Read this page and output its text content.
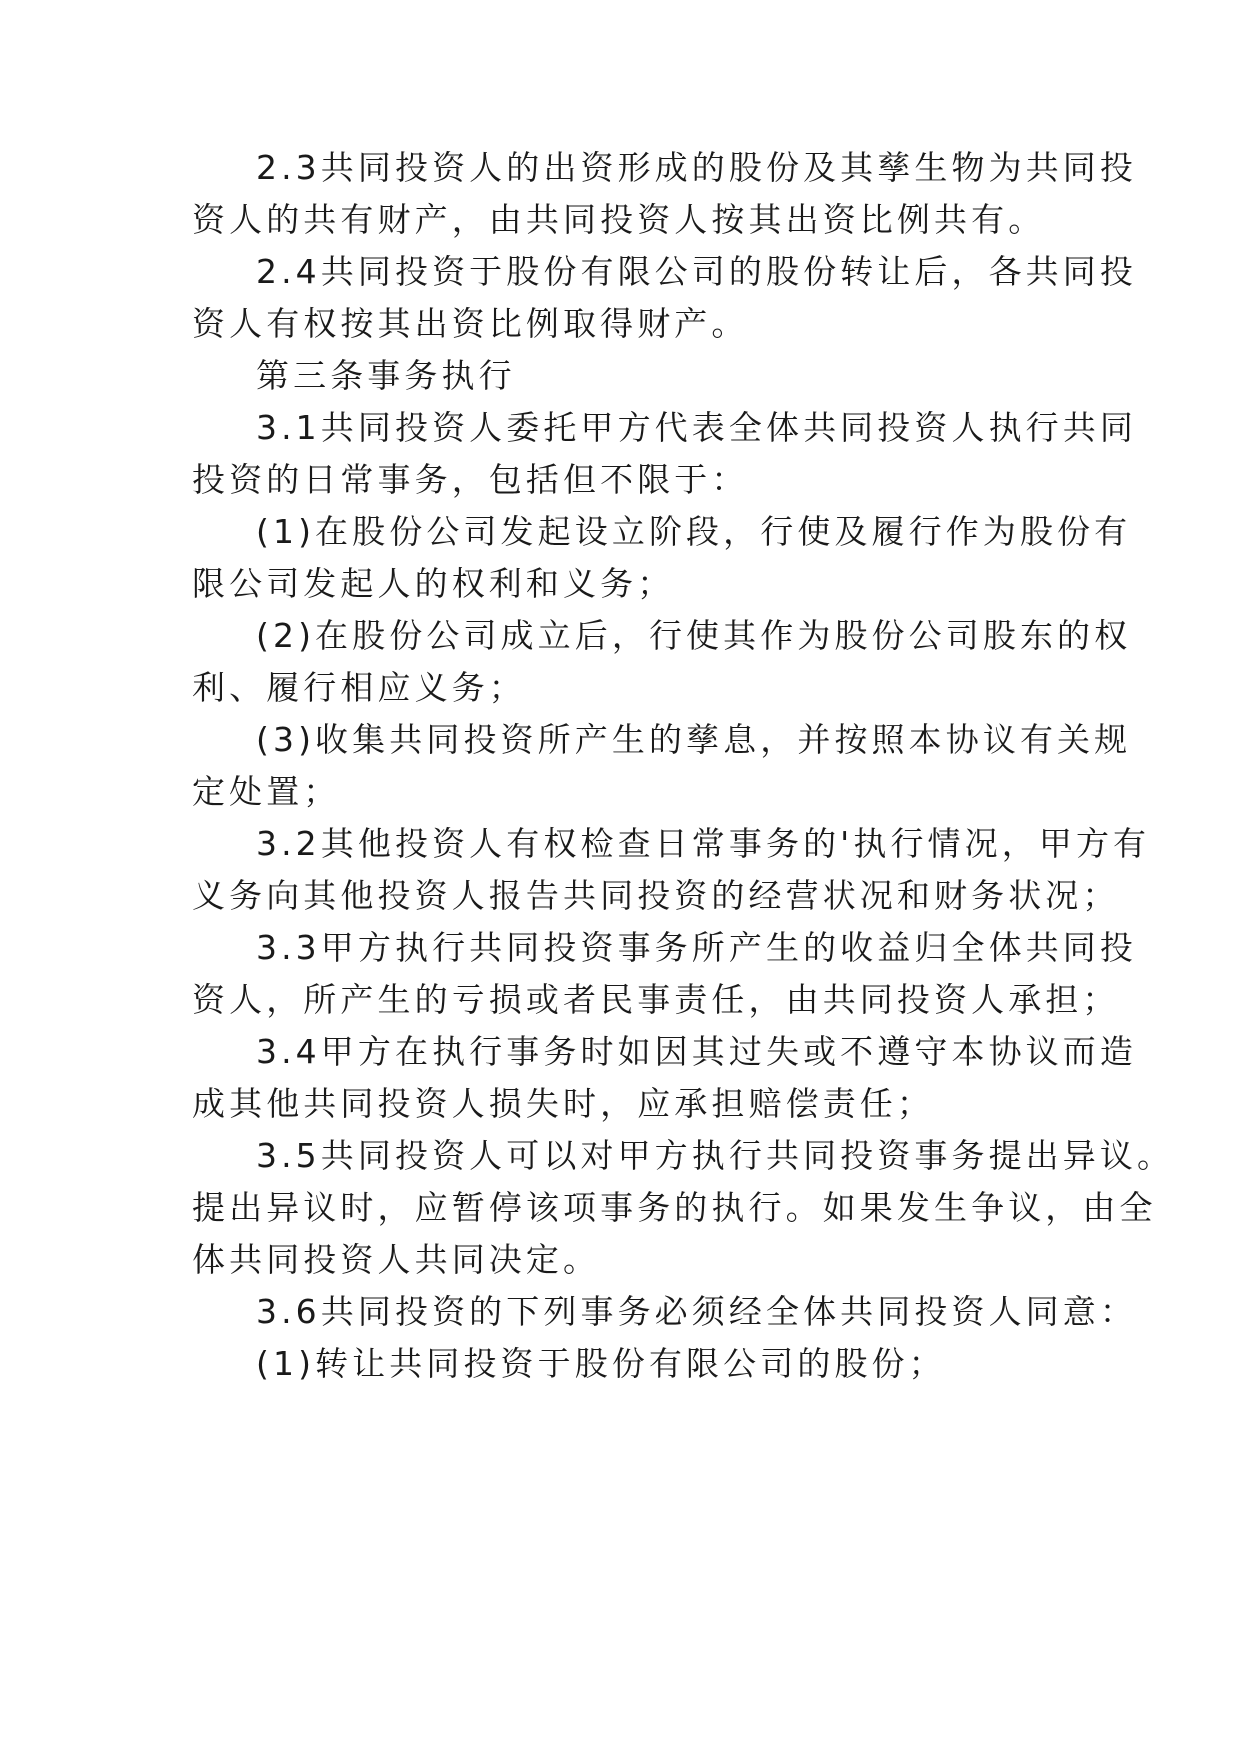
2.3共同投资人的出资形成的股份及其孳生物为共同投
资人的共有财产，由共同投资人按其出资比例共有。
2.4共同投资于股份有限公司的股份转让后，各共同投
资人有权按其出资比例取得财产。
第三条事务执行
3.1共同投资人委托甲方代表全体共同投资人执行共同
投资的日常事务，包括但不限于：
(1)在股份公司发起设立阶段，行使及履行作为股份有
限公司发起人的权利和义务；
(2)在股份公司成立后，行使其作为股份公司股东的权
利、履行相应义务；
(3)收集共同投资所产生的孳息，并按照本协议有关规
定处置；
3.2其他投资人有权检查日常事务的'执行情况，甲方有
义务向其他投资人报告共同投资的经营状况和财务状况；
3.3甲方执行共同投资事务所产生的收益归全体共同投
资人，所产生的亏损或者民事责任，由共同投资人承担；
3.4甲方在执行事务时如因其过失或不遵守本协议而造
成其他共同投资人损失时，应承担赔偿责任；
3.5共同投资人可以对甲方执行共同投资事务提出异议。
提出异议时，应暂停该项事务的执行。如果发生争议，由全
体共同投资人共同决定。
3.6共同投资的下列事务必须经全体共同投资人同意：
(1)转让共同投资于股份有限公司的股份；
